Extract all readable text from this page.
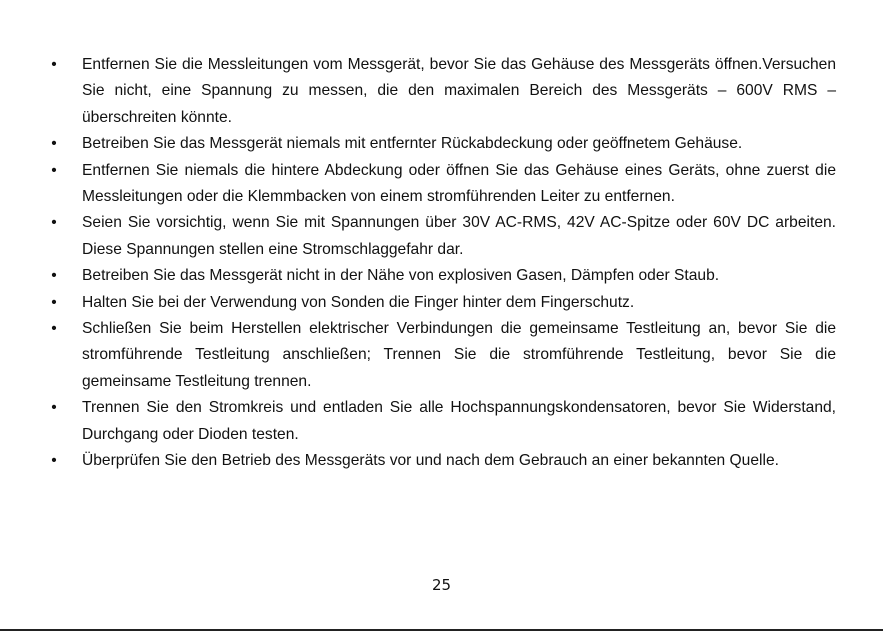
• Entfernen Sie die Messleitungen vom Messgerät, bevor Sie das Gehäuse des Messgeräts öffnen.Versuchen Sie nicht, eine Spannung zu messen, die den maximalen Bereich des Messgeräts – 600V RMS – überschreiten könnte.
• Betreiben Sie das Messgerät niemals mit entfernter Rückabdeckung oder geöffnetem Gehäuse.
• Entfernen Sie niemals die hintere Abdeckung oder öffnen Sie das Gehäuse eines Geräts, ohne zuerst die Messleitungen oder die Klemmbacken von einem stromführenden Leiter zu entfernen.
• Seien Sie vorsichtig, wenn Sie mit Spannungen über 30V AC-RMS, 42V AC-Spitze oder 60V DC arbeiten. Diese Spannungen stellen eine Stromschlaggefahr dar.
• Betreiben Sie das Messgerät nicht in der Nähe von explosiven Gasen, Dämpfen oder Staub.
• Halten Sie bei der Verwendung von Sonden die Finger hinter dem Fingerschutz.
• Schließen Sie beim Herstellen elektrischer Verbindungen die gemeinsame Testleitung an, bevor Sie die stromführende Testleitung anschließen; Trennen Sie die stromführende Testleitung, bevor Sie die gemeinsame Testleitung trennen.
• Trennen Sie den Stromkreis und entladen Sie alle Hochspannungskondensatoren, bevor Sie Widerstand, Durchgang oder Dioden testen.
• Überprüfen Sie den Betrieb des Messgeräts vor und nach dem Gebrauch an einer bekannten Quelle.
25
